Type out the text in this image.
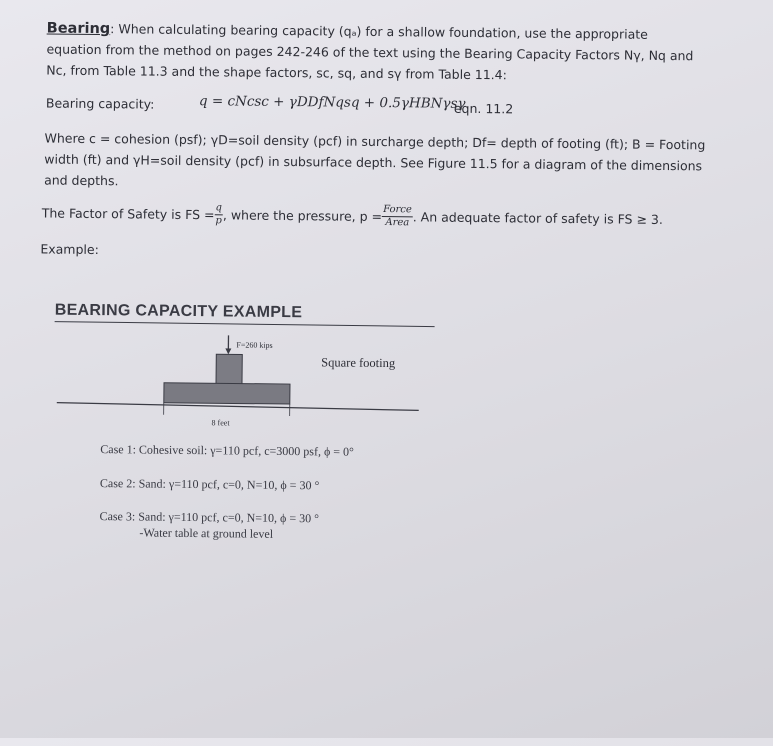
Bearing: When calculating bearing capacity (qₐ) for a shallow foundation, use the appropriate
equation from the method on pages 242-246 of the text using the Bearing Capacity Factors Nγ, Nq and
Nc, from Table 11.3 and the shape factors, sc, sq, and sγ from Table 11.4:
Bearing capacity:	q = cNcsc + γDDfNqsq + 0.5γHBNγsγ
eqn. 11.2
Where c = cohesion (psf); γD=soil density (pcf) in surcharge depth; Df= depth of footing (ft); B = Footing
width (ft) and γH=soil density (pcf) in subsurface depth. See Figure 11.5 for a diagram of the dimensions
and depths.
The Factor of Safety is FS = $\frac{q}{p}$ , where the pressure, $p = \frac{\text{Force}}{\text{Area}}$ . An adequate factor of safety is FS ≥ 3.
Example:
BEARING CAPACITY EXAMPLE
F=260 kips
Square footing
8 feet
Case 1: Cohesive soil: γ=110 pcf, c=3000 psf, ϕ = 0°
Case 2: Sand: γ=110 pcf, c=0, N=10, ϕ = 30 °
Case 3: Sand: γ=110 pcf, c=0, N=10, ϕ = 30 °
-Water table at ground level
